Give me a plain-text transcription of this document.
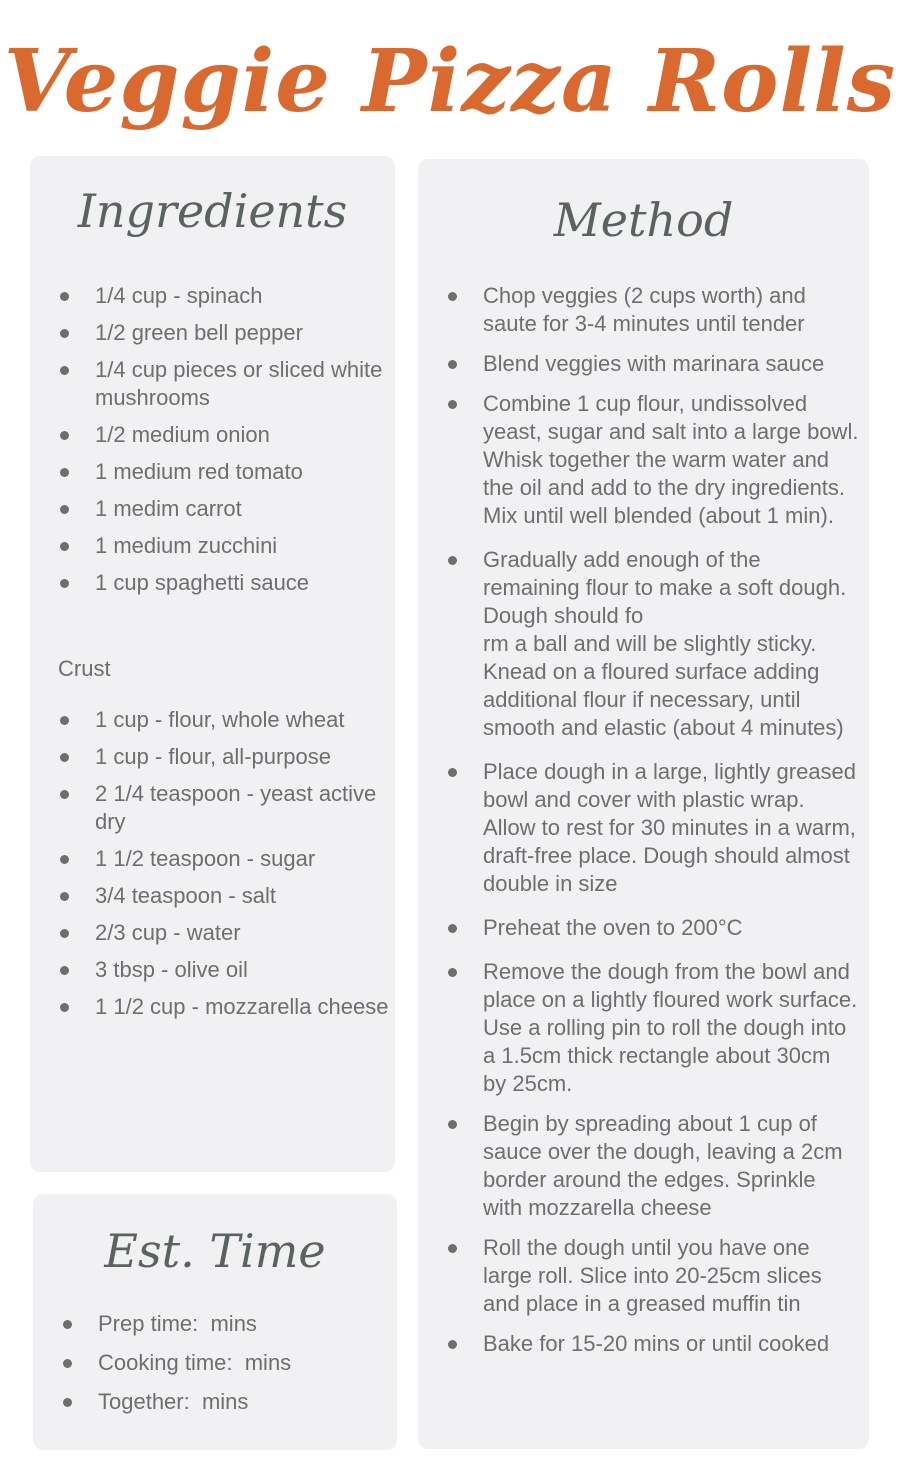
Veggie Pizza Rolls
Ingredients
1/4 cup - spinach
1/2 green bell pepper
1/4 cup pieces or sliced white mushrooms
1/2 medium onion
1 medium red tomato
1 medim carrot
1 medium zucchini
1 cup spaghetti sauce
Crust
1 cup - flour, whole wheat
1 cup - flour, all-purpose
2 1/4 teaspoon - yeast active dry
1 1/2 teaspoon - sugar
3/4 teaspoon - salt
2/3 cup - water
3 tbsp - olive oil
1 1/2 cup - mozzarella cheese
Est. Time
Prep time:  mins
Cooking time:  mins
Together:  mins
Method
Chop veggies (2 cups worth) and saute for 3-4 minutes until tender
Blend veggies with marinara sauce
Combine 1 cup flour, undissolved yeast, sugar and salt into a large bowl. Whisk together the warm water and the oil and add to the dry ingredients. Mix until well blended (about 1 min).
Gradually add enough of the remaining flour to make a soft dough. Dough should fo
rm a ball and will be slightly sticky. Knead on a floured surface adding additional flour if necessary, until smooth and elastic (about 4 minutes)
Place dough in a large, lightly greased bowl and cover with plastic wrap. Allow to rest for 30 minutes in a warm, draft-free place. Dough should almost double in size
Preheat the oven to 200°C
Remove the dough from the bowl and place on a lightly floured work surface. Use a rolling pin to roll the dough into a 1.5cm thick rectangle about 30cm by 25cm.
Begin by spreading about 1 cup of sauce over the dough, leaving a 2cm border around the edges. Sprinkle with mozzarella cheese
Roll the dough until you have one large roll. Slice into 20-25cm slices and place in a greased muffin tin
Bake for 15-20 mins or until cooked
